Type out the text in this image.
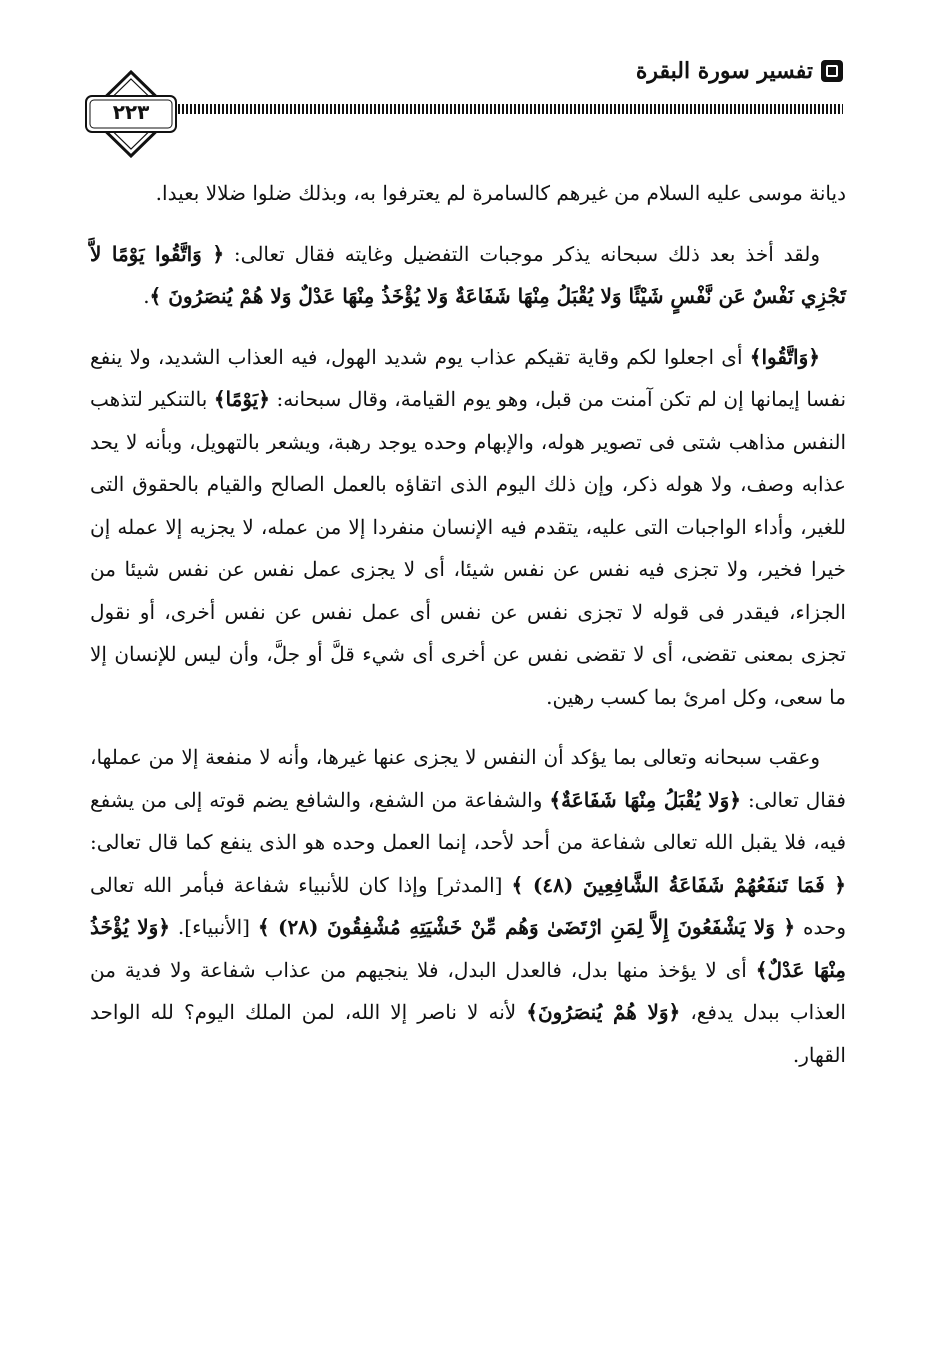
تفسير سورة البقرة
٢٢٣

ديانة موسى عليه السلام من غيرهم كالسامرة لم يعترفوا به، وبذلك ضلوا ضلالا بعيدا.

ولقد أخذ بعد ذلك سبحانه يذكر موجبات التفضيل وغايته فقال تعالى: ﴿ وَاتَّقُوا يَوْمًا لاَّ تَجْزِي نَفْسٌ عَن نَّفْسٍ شَيْئًا وَلا يُقْبَلُ مِنْهَا شَفَاعَةٌ وَلا يُؤْخَذُ مِنْهَا عَدْلٌ وَلا هُمْ يُنصَرُونَ ﴾.

﴿وَاتَّقُوا﴾ أى اجعلوا لكم وقاية تقيكم عذاب يوم شديد الهول، فيه العذاب الشديد، ولا ينفع نفسا إيمانها إن لم تكن آمنت من قبل، وهو يوم القيامة، وقال سبحانه: ﴿يَوْمًا﴾ بالتنكير لتذهب النفس مذاهب شتى فى تصوير هوله، والإبهام وحده يوجد رهبة، ويشعر بالتهويل، وبأنه لا يحد عذابه وصف، ولا هوله ذكر، وإن ذلك اليوم الذى اتقاؤه بالعمل الصالح والقيام بالحقوق التى للغير، وأداء الواجبات التى عليه، يتقدم فيه الإنسان منفردا إلا من عمله، لا يجزيه إلا عمله إن خيرا فخير، ولا تجزى فيه نفس عن نفس شيئا، أى لا يجزى عمل نفس عن نفس شيئا من الجزاء، فيقدر فى قوله لا تجزى نفس عن نفس أى عمل نفس عن نفس أخرى، أو نقول تجزى بمعنى تقضى، أى لا تقضى نفس عن أخرى أى شيء قلَّ أو جلَّ، وأن ليس للإنسان إلا ما سعى، وكل امرئ بما كسب رهين.

وعقب سبحانه وتعالى بما يؤكد أن النفس لا يجزى عنها غيرها، وأنه لا منفعة إلا من عملها، فقال تعالى: ﴿وَلا يُقْبَلُ مِنْهَا شَفَاعَةٌ﴾ والشفاعة من الشفع، والشافع يضم قوته إلى من يشفع فيه، فلا يقبل الله تعالى شفاعة من أحد لأحد، إنما العمل وحده هو الذى ينفع كما قال تعالى: ﴿ فَمَا تَنفَعُهُمْ شَفَاعَةُ الشَّافِعِينَ (٤٨) ﴾ [المدثر] وإذا كان للأنبياء شفاعة فبأمر الله تعالى وحده ﴿ وَلا يَشْفَعُونَ إِلاَّ لِمَنِ ارْتَضَىٰ وَهُم مِّنْ خَشْيَتِهِ مُشْفِقُونَ (٢٨) ﴾ [الأنبياء]. ﴿وَلا يُؤْخَذُ مِنْهَا عَدْلٌ﴾ أى لا يؤخذ منها بدل، فالعدل البدل، فلا ينجيهم من عذاب شفاعة ولا فدية من العذاب ببدل يدفع، ﴿وَلا هُمْ يُنصَرُونَ﴾ لأنه لا ناصر إلا الله، لمن الملك اليوم؟ لله الواحد القهار.
